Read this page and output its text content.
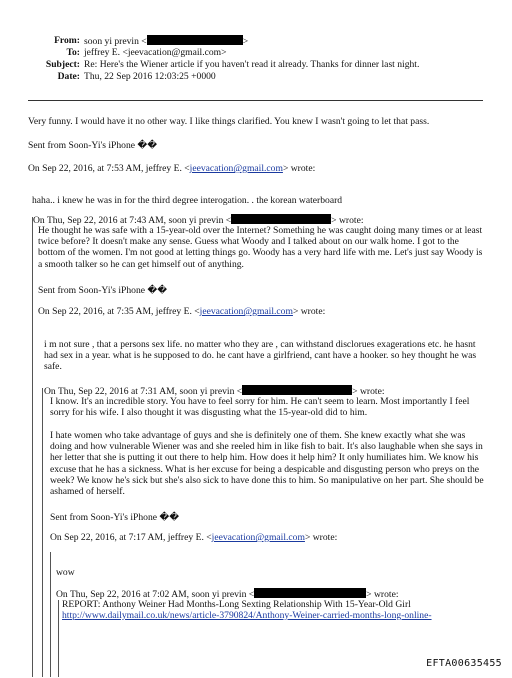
From: soon yi previn <	>
To: jeffrey E. <jeevacation@gmail.com>
Subject: Re: Here's the Wiener article if you haven't read it already. Thanks for dinner last night.
Date: Thu, 22 Sep 2016 12:03:25 +0000
Very funny. I would have it no other way. I like things clarified. You knew I wasn't going to let that pass.
Sent from Soon-Yi's iPhone ��
On Sep 22, 2016, at 7:53 AM, jeffrey E. <jeevacation@gmail.com> wrote:
haha.. i knew he was in for the third degree interogation. . the korean waterboard
On Thu, Sep 22, 2016 at 7:43 AM, soon yi previn <	> wrote:
He thought he was safe with a 15-year-old over the Internet? Something he was caught doing many times or at least twice before? It doesn't make any sense. Guess what Woody and I talked about on our walk home. I got to the bottom of the women. I'm not good at letting things go. Woody has a very hard life with me. Let's just say Woody is a smooth talker so he can get himself out of anything.
Sent from Soon-Yi's iPhone ��
On Sep 22, 2016, at 7:35 AM, jeffrey E. <jeevacation@gmail.com> wrote:
i m not sure , that a persons sex life. no matter who they are , can withstand disclorues exagerations etc. he hasnt had sex in a year. what is he supposed to do. he cant have a girlfriend, cant have a hooker. so hey thought he was safe.
On Thu, Sep 22, 2016 at 7:31 AM, soon yi previn <	> wrote:
I know. It's an incredible story. You have to feel sorry for him. He can't seem to learn. Most importantly I feel sorry for his wife. I also thought it was disgusting what the 15-year-old did to him.
I hate women who take advantage of guys and she is definitely one of them. She knew exactly what she was doing and how vulnerable Wiener was and she reeled him in like fish to bait. It's also laughable when she says in her letter that she is putting it out there to help him. How does it help him? It only humiliates him. We know his excuse that he has a sickness. What is her excuse for being a despicable and disgusting person who preys on the week? We know he's sick but she's also sick to have done this to him. So manipulative on her part. She should be ashamed of herself.
Sent from Soon-Yi's iPhone ��
On Sep 22, 2016, at 7:17 AM, jeffrey E. <jeevacation@gmail.com> wrote:
wow
On Thu, Sep 22, 2016 at 7:02 AM, soon yi previn <	> wrote:
REPORT: Anthony Weiner Had Months-Long Sexting Relationship With 15-Year-Old Girl
http://www.dailymail.co.uk/news/article-3790824/Anthony-Weiner-carried-months-long-online-
EFTA00635455
